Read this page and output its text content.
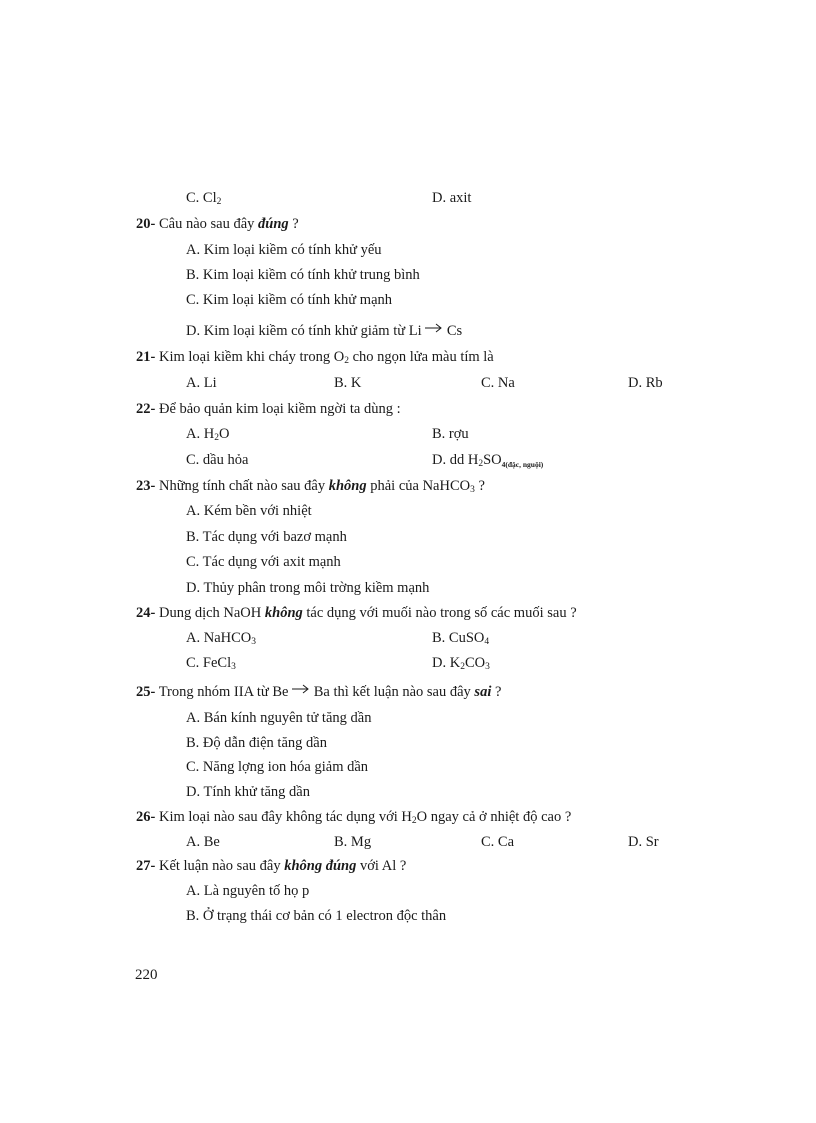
C. $Cl_2$	D. axit
20- Câu nào sau đây đúng ?
A. Kim loại kiềm có tính khử yếu
B. Kim loại kiềm có tính khử trung bình
C. Kim loại kiềm có tính khử mạnh
D. Kim loại kiềm có tính khử giảm từ Li
Cs
21- Kim loại kiềm khi cháy trong $O_2$ cho ngọn lửa màu tím là
A. Li	B. K	C. Na	D. Rb
22- Để bảo quản kim loại kiềm ngời ta dùng :
A. $H_2O$	B. rợu
C. dầu hỏa	D. dd $H_2SO_{4(đặc, nguội)}$
23- Những tính chất nào sau đây không phải của NaHCO$_3$ ?
A. Kém bền với nhiệt
B. Tác dụng với bazơ mạnh
C. Tác dụng với axit mạnh
D. Thủy phân trong môi trờng kiềm mạnh
24- Dung dịch NaOH không tác dụng với muối nào trong số các muối sau ?
A. NaHCO$_3$	B. CuSO$_4$
C. FeCl$_3$	D. $K_2CO_3$
25- Trong nhóm IIA từ Be
Ba thì kết luận nào sau đây sai ?
A. Bán kính nguyên tử tăng dần
B. Độ dẫn điện tăng dần
C. Năng lợng ion hóa giảm dần
D. Tính khử tăng dần
26- Kim loại nào sau đây không tác dụng với $H_2O$ ngay cả ở nhiệt độ cao ?
A. Be	B. Mg	C. Ca	D. Sr
27- Kết luận nào sau đây không đúng với Al ?
A. Là nguyên tố họ p
B. Ở trạng thái cơ bản có 1 electron độc thân
220
